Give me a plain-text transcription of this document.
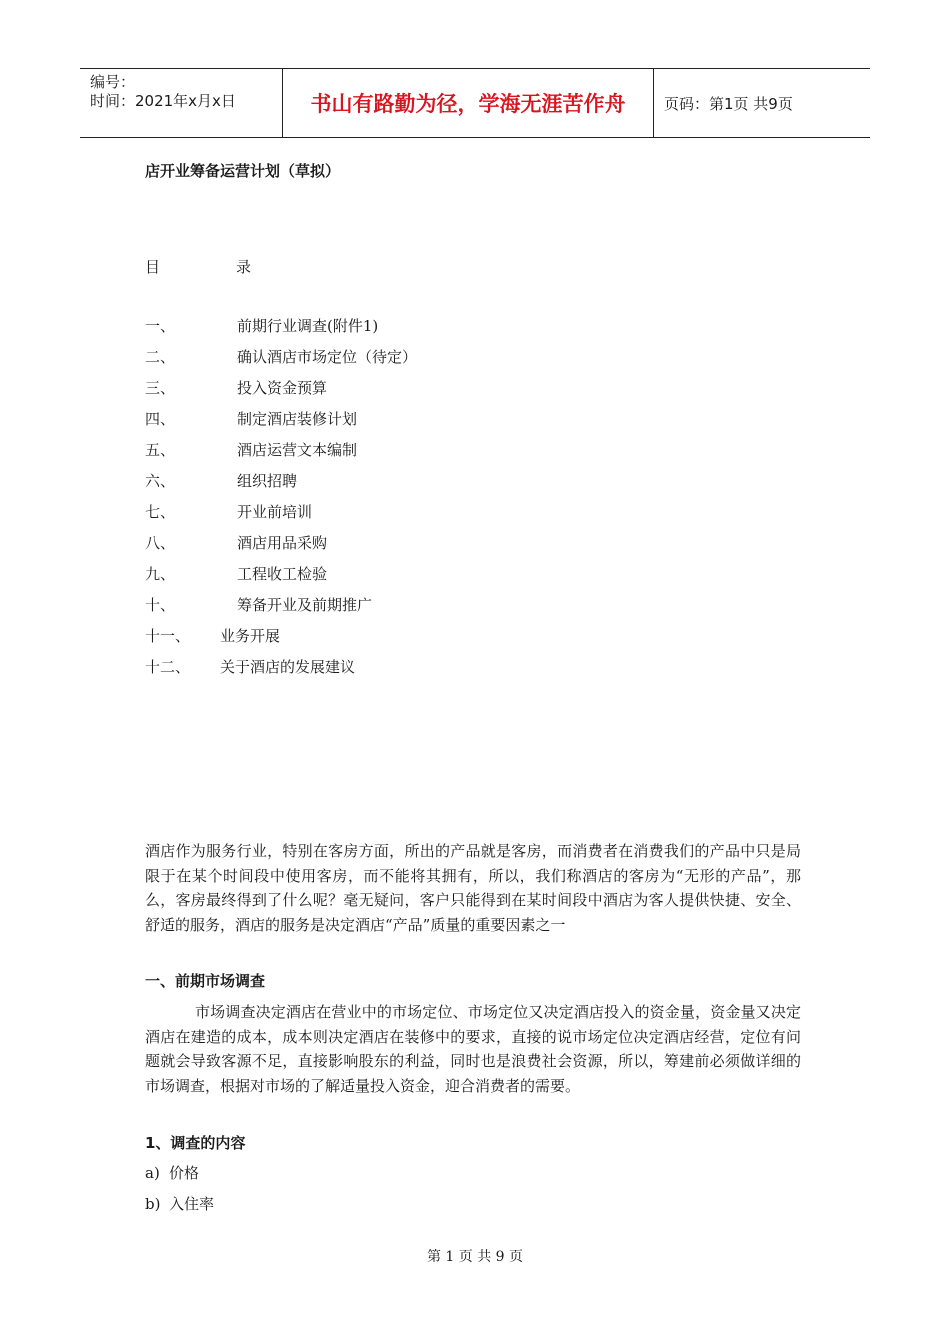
编号：
时间：2021年x月x日	书山有路勤为径，学海无涯苦作舟	页码：第1页 共9页
店开业筹备运营计划（草拟）
目	录
一、	前期行业调查(附件1)
二、	确认酒店市场定位（待定）
三、	投入资金预算
四、	制定酒店装修计划
五、	酒店运营文本编制
六、	组织招聘
七、	开业前培训
八、	酒店用品采购
九、	工程收工检验
十、	筹备开业及前期推广
十一、 业务开展
十二、 关于酒店的发展建议

酒店作为服务行业，特别在客房方面，所出的产品就是客房，而消费者在消费我们的产品中只是局限于在某个时间段中使用客房，而不能将其拥有，所以，我们称酒店的客房为“无形的产品”，那么，客房最终得到了什么呢？毫无疑问，客户只能得到在某时间段中酒店为客人提供快捷、安全、舒适的服务，酒店的服务是决定酒店“产品”质量的重要因素之一

一、前期市场调查

市场调查决定酒店在营业中的市场定位、市场定位又决定酒店投入的资金量，资金量又决定酒店在建造的成本，成本则决定酒店在装修中的要求，直接的说市场定位决定酒店经营，定位有问题就会导致客源不足，直接影响股东的利益，同时也是浪费社会资源，所以，筹建前必须做详细的市场调查，根据对市场的了解适量投入资金，迎合消费者的需要。

1、调查的内容
a) 价格
b) 入住率
第 1 页 共 9 页
